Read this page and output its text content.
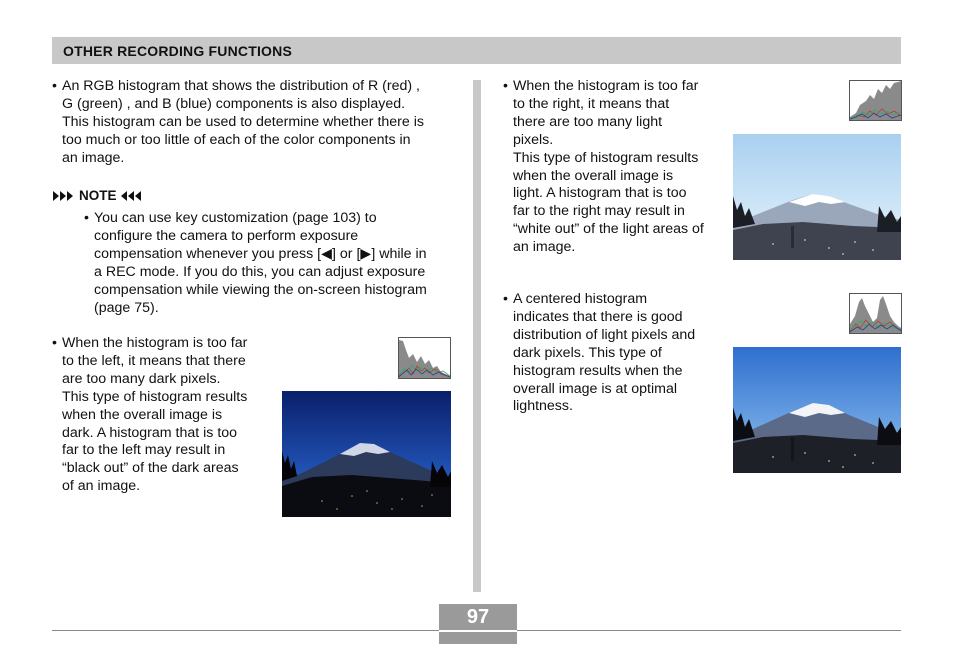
OTHER RECORDING FUNCTIONS
• An RGB histogram that shows the distribution of R (red) ,
G (green) , and B (blue) components is also displayed.
This histogram can be used to determine whether there is
too much or too little of each of the color components in
an image.
NOTE
• You can use key customization (page 103) to
configure the camera to perform exposure
compensation whenever you press [◀] or [▶] while in
a REC mode. If you do this, you can adjust exposure
compensation while viewing the on-screen histogram
(page 75).
• When the histogram is too far
to the left, it means that there
are too many dark pixels.
This type of histogram results
when the overall image is
dark. A histogram that is too
far to the left may result in
“black out” of the dark areas
of an image.
• When the histogram is too far
to the right, it means that
there are too many light
pixels.
This type of histogram results
when the overall image is
light. A histogram that is too
far to the right may result in
“white out” of the light areas of
an image.
• A centered histogram
indicates that there is good
distribution of light pixels and
dark pixels. This type of
histogram results when the
overall image is at optimal
lightness.
97
